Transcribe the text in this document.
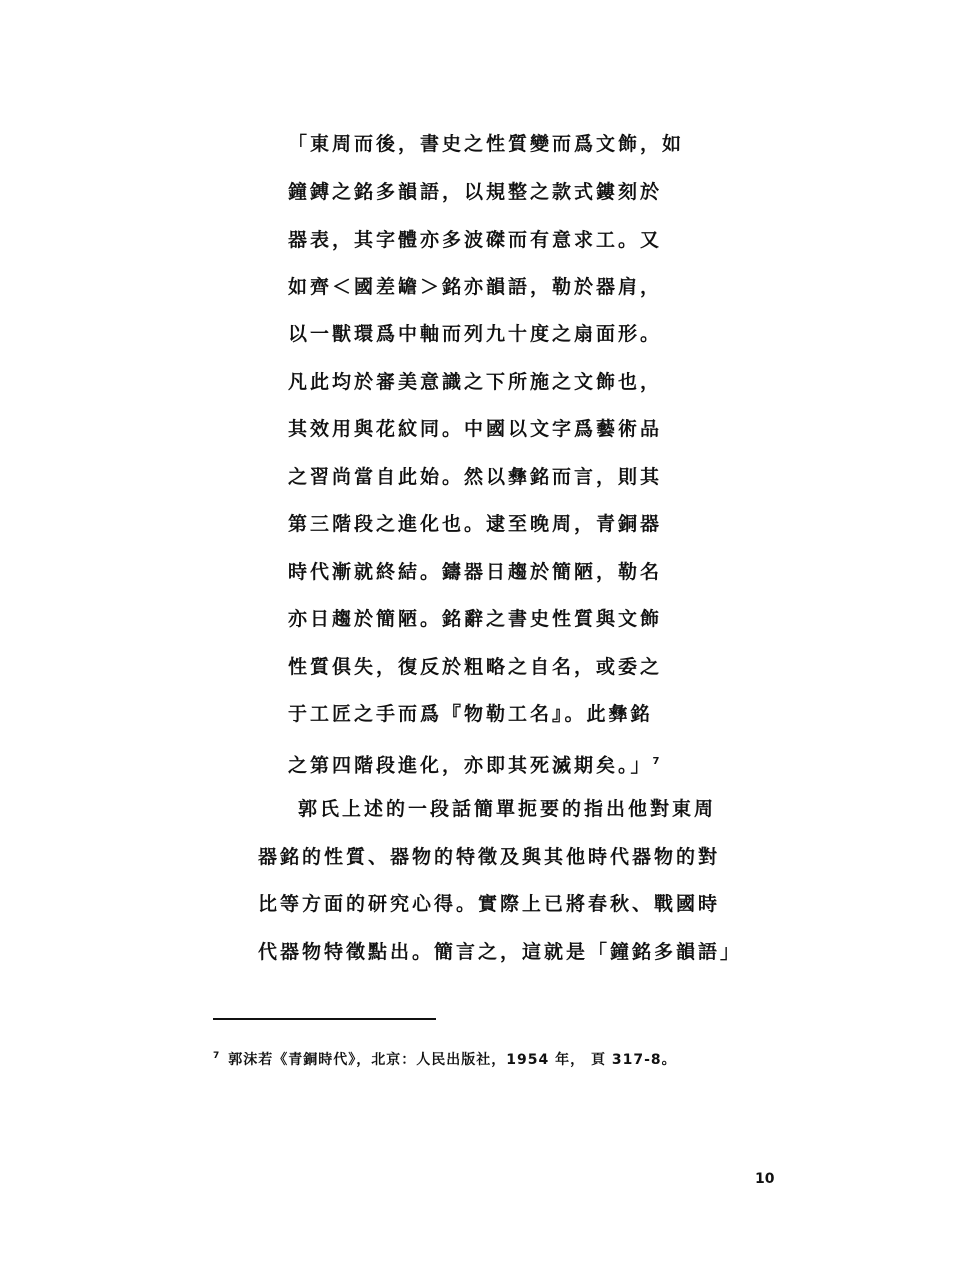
「東周而後，書史之性質變而爲文飾，如
鐘鎛之銘多韻語，以規整之款式鏤刻於
器表，其字體亦多波磔而有意求工。又
如齊＜國差𦉜＞銘亦韻語，勒於器肩，
以一獸環爲中軸而列九十度之扇面形。
凡此均於審美意識之下所施之文飾也，
其效用與花紋同。中國以文字爲藝術品
之習尚當自此始。然以彝銘而言，則其
第三階段之進化也。逮至晚周，青銅器
時代漸就終結。鑄器日趨於簡陋，勒名
亦日趨於簡陋。銘辭之書史性質與文飾
性質俱失，復反於粗略之自名，或委之
于工匠之手而爲『物勒工名』。此彝銘
之第四階段進化，亦即其死滅期矣。」$^7$
郭氏上述的一段話簡單扼要的指出他對東周
器銘的性質、器物的特徵及與其他時代器物的對
比等方面的研究心得。實際上已將春秋、戰國時
代器物特徵點出。簡言之，這就是「鐘銘多韻語」
$^7$ 郭沫若《青銅時代》，北京：人民出版社，1954 年， 頁 317-8。
10
